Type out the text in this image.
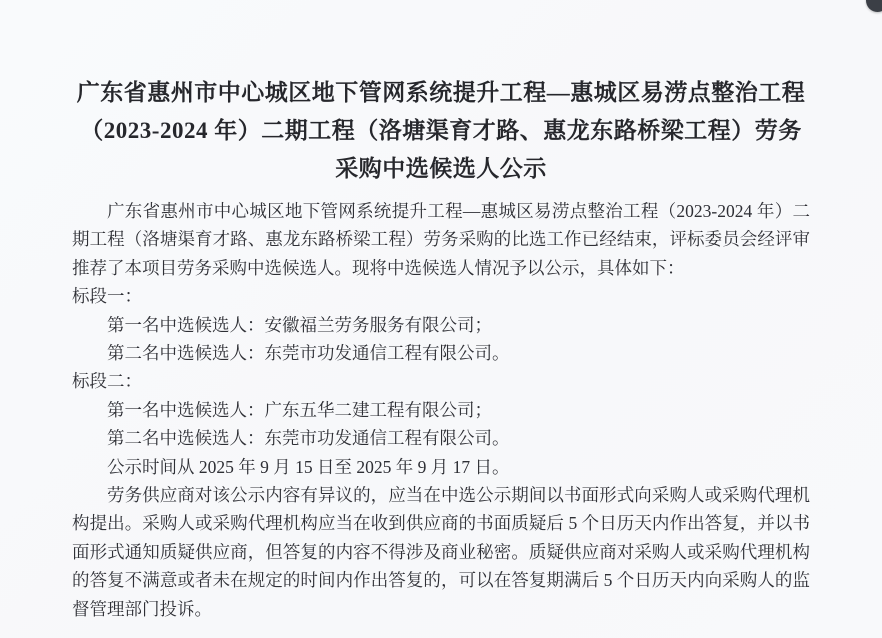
广东省惠州市中心城区地下管网系统提升工程—惠城区易涝点整治工程（2023-2024 年）二期工程（洛塘渠育才路、惠龙东路桥梁工程）劳务采购中选候选人公示

广东省惠州市中心城区地下管网系统提升工程—惠城区易涝点整治工程（2023-2024 年）二期工程（洛塘渠育才路、惠龙东路桥梁工程）劳务采购的比选工作已经结束，评标委员会经评审推荐了本项目劳务采购中选候选人。现将中选候选人情况予以公示，具体如下：

标段一：

第一名中选候选人：安徽福兰劳务服务有限公司；

第二名中选候选人：东莞市功发通信工程有限公司。

标段二：

第一名中选候选人：广东五华二建工程有限公司；

第二名中选候选人：东莞市功发通信工程有限公司。

公示时间从 2025 年 9 月 15 日至 2025 年 9 月 17 日。

劳务供应商对该公示内容有异议的，应当在中选公示期间以书面形式向采购人或采购代理机构提出。采购人或采购代理机构应当在收到供应商的书面质疑后 5 个日历天内作出答复，并以书面形式通知质疑供应商，但答复的内容不得涉及商业秘密。质疑供应商对采购人或采购代理机构的答复不满意或者未在规定的时间内作出答复的，可以在答复期满后 5 个日历天内向采购人的监督管理部门投诉。
